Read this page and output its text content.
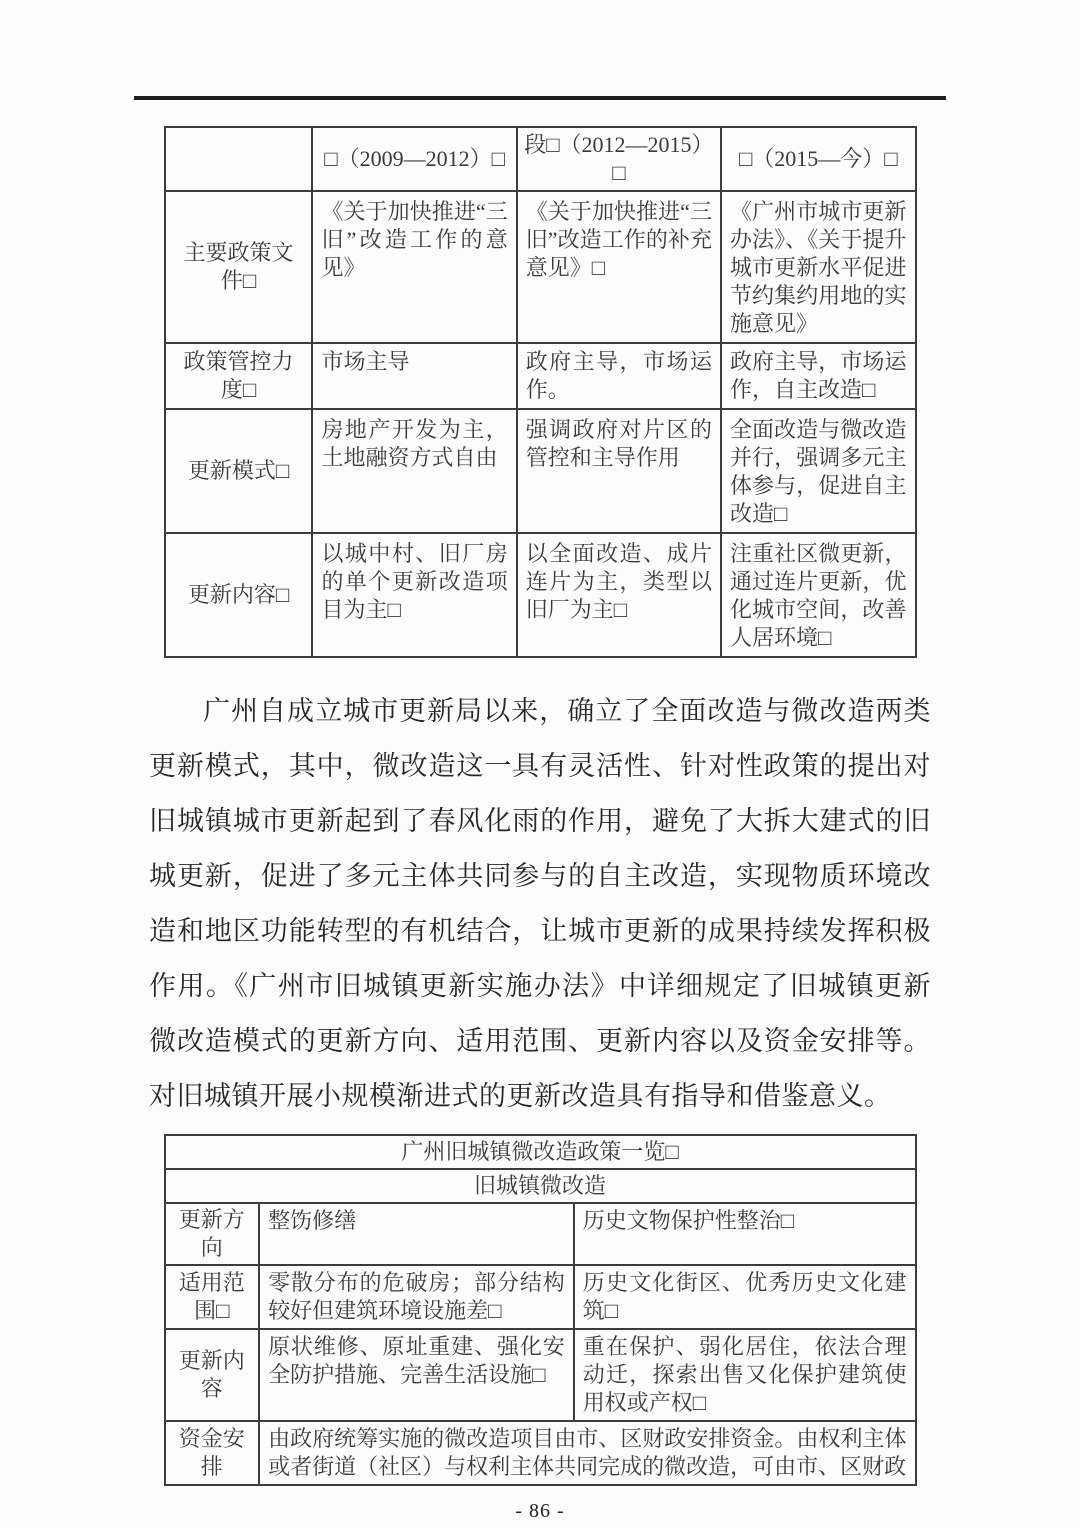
	□（2009—2012）□	段□（2012—2015）□	□（2015—今）□
主要政策文件□	《关于加快推进“三旧”改造工作的意见》	《关于加快推进“三旧”改造工作的补充意见》□	《广州市城市更新办法》、《关于提升城市更新水平促进节约集约用地的实施意见》
政策管控力度□	市场主导	政府主导，市场运作。	政府主导，市场运作，自主改造□
更新模式□	房地产开发为主，土地融资方式自由	强调政府对片区的管控和主导作用	全面改造与微改造并行，强调多元主体参与，促进自主改造□
更新内容□	以城中村、旧厂房的单个更新改造项目为主□	以全面改造、成片连片为主，类型以旧厂为主□	注重社区微更新，通过连片更新，优化城市空间，改善人居环境□

广州自成立城市更新局以来，确立了全面改造与微改造两类更新模式，其中，微改造这一具有灵活性、针对性政策的提出对旧城镇城市更新起到了春风化雨的作用，避免了大拆大建式的旧城更新，促进了多元主体共同参与的自主改造，实现物质环境改造和地区功能转型的有机结合，让城市更新的成果持续发挥积极作用。《广州市旧城镇更新实施办法》中详细规定了旧城镇更新微改造模式的更新方向、适用范围、更新内容以及资金安排等。对旧城镇开展小规模渐进式的更新改造具有指导和借鉴意义。

广州旧城镇微改造政策一览□		
旧城镇微改造		
更新方向	整饬修缮	历史文物保护性整治□
适用范围□	零散分布的危破房；部分结构较好但建筑环境设施差□	历史文化街区、优秀历史文化建筑□
更新内容	原状维修、原址重建、强化安全防护措施、完善生活设施□	重在保护、弱化居住，依法合理动迁，探索出售又化保护建筑使用权或产权□
资金安排	由政府统筹实施的微改造项目由市、区财政安排资金。由权利主体或者街道（社区）与权利主体共同完成的微改造，可由市、区财政	
- 86 -
